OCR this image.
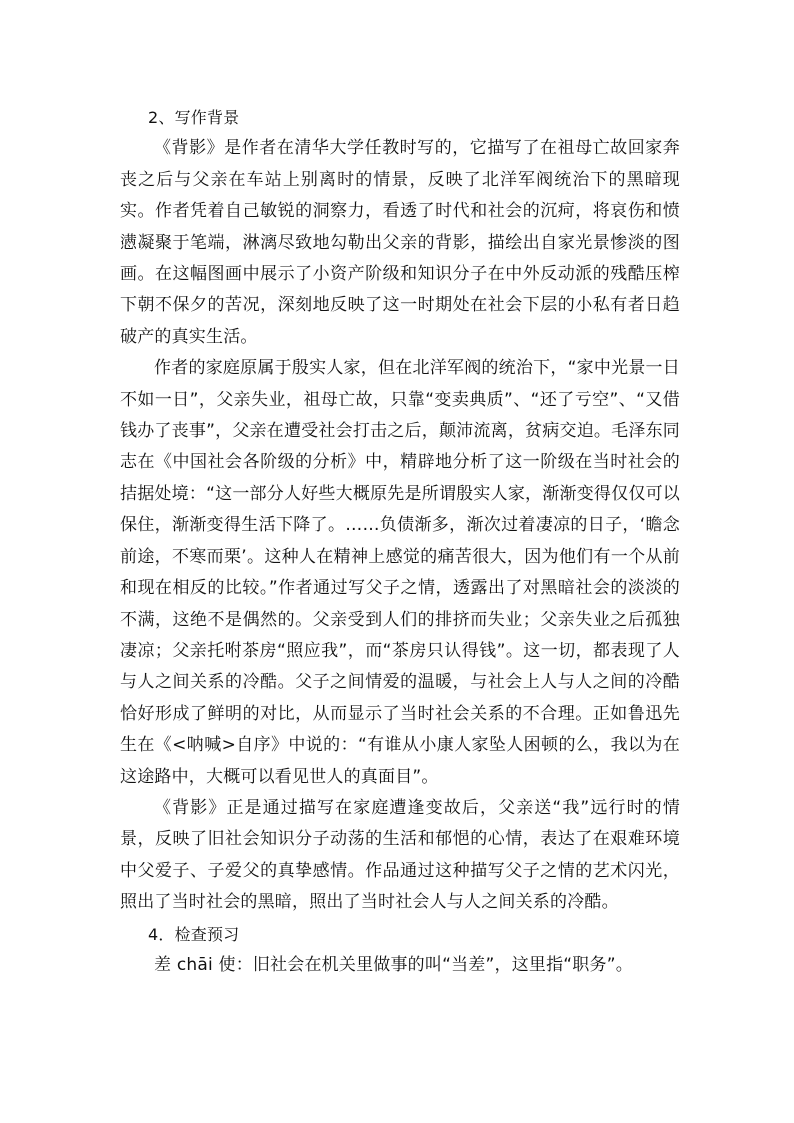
2、写作背景

《背影》是作者在清华大学任教时写的，它描写了在祖母亡故回家奔丧之后与父亲在车站上别离时的情景，反映了北洋军阀统治下的黑暗现实。作者凭着自己敏锐的洞察力，看透了时代和社会的沉疴，将哀伤和愤懑凝聚于笔端，淋漓尽致地勾勒出父亲的背影，描绘出自家光景惨淡的图画。在这幅图画中展示了小资产阶级和知识分子在中外反动派的残酷压榨下朝不保夕的苦况，深刻地反映了这一时期处在社会下层的小私有者日趋破产的真实生活。

作者的家庭原属于殷实人家，但在北洋军阀的统治下，“家中光景一日不如一日”，父亲失业，祖母亡故，只靠“变卖典质”、“还了亏空”、“又借钱办了丧事”，父亲在遭受社会打击之后，颠沛流离，贫病交迫。毛泽东同志在《中国社会各阶级的分析》中，精辟地分析了这一阶级在当时社会的拮据处境：“这一部分人好些大概原先是所谓殷实人家，渐渐变得仅仅可以保住，渐渐变得生活下降了。……负债渐多，渐次过着凄凉的日子，‘瞻念前途，不寒而栗’。这种人在精神上感觉的痛苦很大，因为他们有一个从前和现在相反的比较。”作者通过写父子之情，透露出了对黑暗社会的淡淡的不满，这绝不是偶然的。父亲受到人们的排挤而失业；父亲失业之后孤独凄凉；父亲托咐茶房“照应我”，而“茶房只认得钱”。这一切，都表现了人与人之间关系的冷酷。父子之间情爱的温暖，与社会上人与人之间的冷酷恰好形成了鲜明的对比，从而显示了当时社会关系的不合理。正如鲁迅先生在《<呐喊>自序》中说的：“有谁从小康人家坠人困顿的么，我以为在这途路中，大概可以看见世人的真面目”。

《背影》正是通过描写在家庭遭逢变故后，父亲送“我”远行时的情景，反映了旧社会知识分子动荡的生活和郁悒的心情，表达了在艰难环境中父爱子、子爱父的真挚感情。作品通过这种描写父子之情的艺术闪光，照出了当时社会的黑暗，照出了当时社会人与人之间关系的冷酷。

4．检查预习

差 chāi 使：旧社会在机关里做事的叫“当差”，这里指“职务”。
